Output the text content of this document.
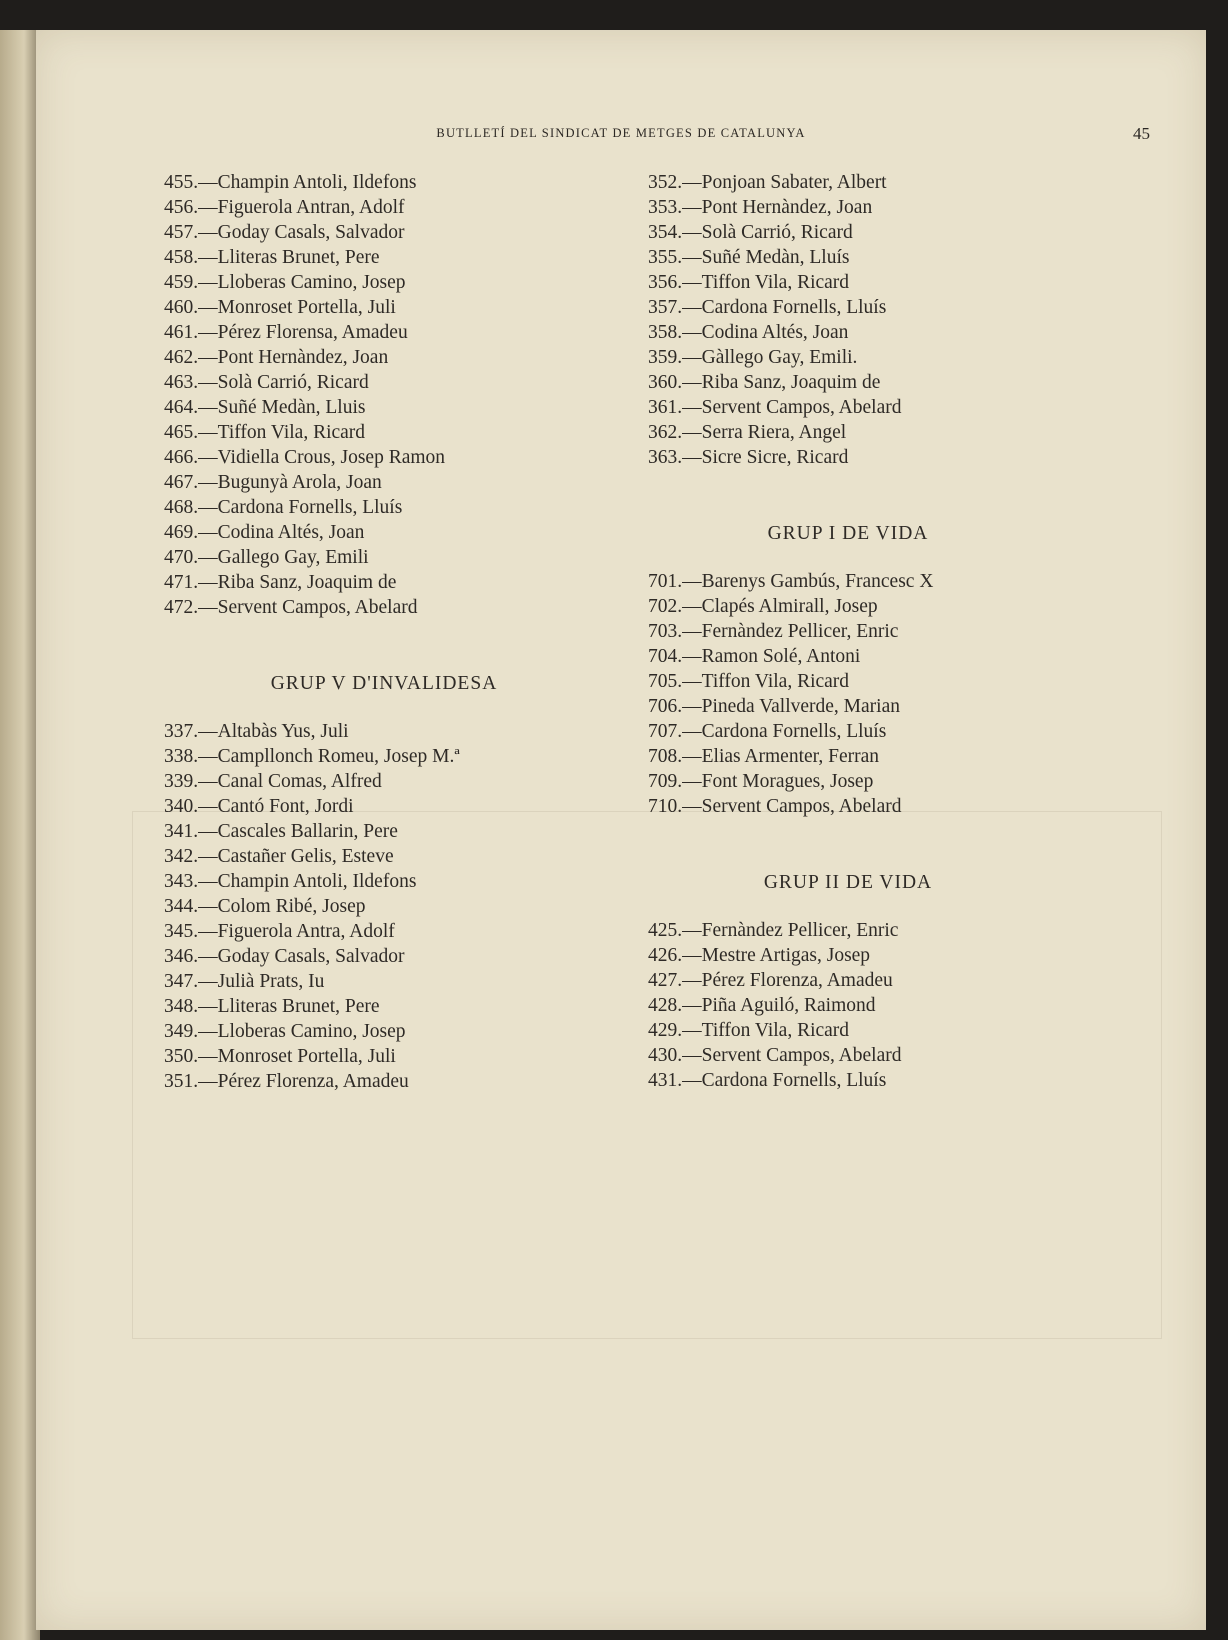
BUTLLETÍ DEL SINDICAT DE METGES DE CATALUNYA	45
455.—Champin Antoli, Ildefons
456.—Figuerola Antran, Adolf
457.—Goday Casals, Salvador
458.—Lliteras Brunet, Pere
459.—Lloberas Camino, Josep
460.—Monroset Portella, Juli
461.—Pérez Florensa, Amadeu
462.—Pont Hernàndez, Joan
463.—Solà Carrió, Ricard
464.—Suñé Medàn, Lluis
465.—Tiffon Vila, Ricard
466.—Vidiella Crous, Josep Ramon
467.—Bugunyà Arola, Joan
468.—Cardona Fornells, Lluís
469.—Codina Altés, Joan
470.—Gallego Gay, Emili
471.—Riba Sanz, Joaquim de
472.—Servent Campos, Abelard
GRUP V D'INVALIDESA
337.—Altabàs Yus, Juli
338.—Campllonch Romeu, Josep M.ª
339.—Canal Comas, Alfred
340.—Cantó Font, Jordi
341.—Cascales Ballarin, Pere
342.—Castañer Gelis, Esteve
343.—Champin Antoli, Ildefons
344.—Colom Ribé, Josep
345.—Figuerola Antra, Adolf
346.—Goday Casals, Salvador
347.—Julià Prats, Iu
348.—Lliteras Brunet, Pere
349.—Lloberas Camino, Josep
350.—Monroset Portella, Juli
351.—Pérez Florenza, Amadeu
352.—Ponjoan Sabater, Albert
353.—Pont Hernàndez, Joan
354.—Solà Carrió, Ricard
355.—Suñé Medàn, Lluís
356.—Tiffon Vila, Ricard
357.—Cardona Fornells, Lluís
358.—Codina Altés, Joan
359.—Gàllego Gay, Emili.
360.—Riba Sanz, Joaquim de
361.—Servent Campos, Abelard
362.—Serra Riera, Angel
363.—Sicre Sicre, Ricard
GRUP I DE VIDA
701.—Barenys Gambús, Francesc X
702.—Clapés Almirall, Josep
703.—Fernàndez Pellicer, Enric
704.—Ramon Solé, Antoni
705.—Tiffon Vila, Ricard
706.—Pineda Vallverde, Marian
707.—Cardona Fornells, Lluís
708.—Elias Armenter, Ferran
709.—Font Moragues, Josep
710.—Servent Campos, Abelard
GRUP II DE VIDA
425.—Fernàndez Pellicer, Enric
426.—Mestre Artigas, Josep
427.—Pérez Florenza, Amadeu
428.—Piña Aguiló, Raimond
429.—Tiffon Vila, Ricard
430.—Servent Campos, Abelard
431.—Cardona Fornells, Lluís
